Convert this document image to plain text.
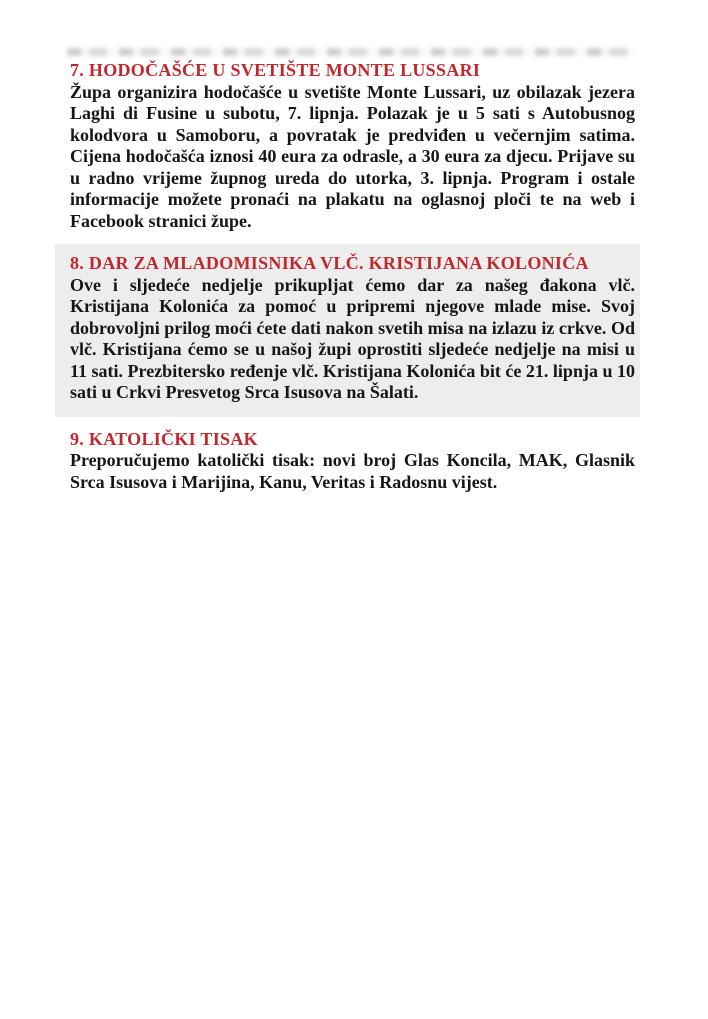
7. HODOČAŠĆE U SVETIŠTE MONTE LUSSARI

Župa organizira hodočašće u svetište Monte Lussari, uz obilazak jezera Laghi di Fusine u subotu, 7. lipnja. Polazak je u 5 sati s Autobusnog kolodvora u Samoboru, a povratak je predviđen u večernjim satima. Cijena hodočašća iznosi 40 eura za odrasle, a 30 eura za djecu. Prijave su u radno vrijeme župnog ureda do utorka, 3. lipnja. Program i ostale informacije možete pronaći na plakatu na oglasnoj ploči te na web i Facebook stranici župe.

8. DAR ZA MLADOMISNIKA VLČ. KRISTIJANA KOLONIĆA

Ove i sljedeće nedjelje prikupljat ćemo dar za našeg đakona vlč. Kristijana Kolonića za pomoć u pripremi njegove mlade mise. Svoj dobrovoljni prilog moći ćete dati nakon svetih misa na izlazu iz crkve. Od vlč. Kristijana ćemo se u našoj župi oprostiti sljedeće nedjelje na misi u 11 sati. Prezbitersko ređenje vlč. Kristijana Kolonića bit će 21. lipnja u 10 sati u Crkvi Presvetog Srca Isusova na Šalati.

9. KATOLIČKI TISAK

Preporučujemo katolički tisak: novi broj Glas Koncila, MAK, Glasnik Srca Isusova i Marijina, Kanu, Veritas i Radosnu vijest.
